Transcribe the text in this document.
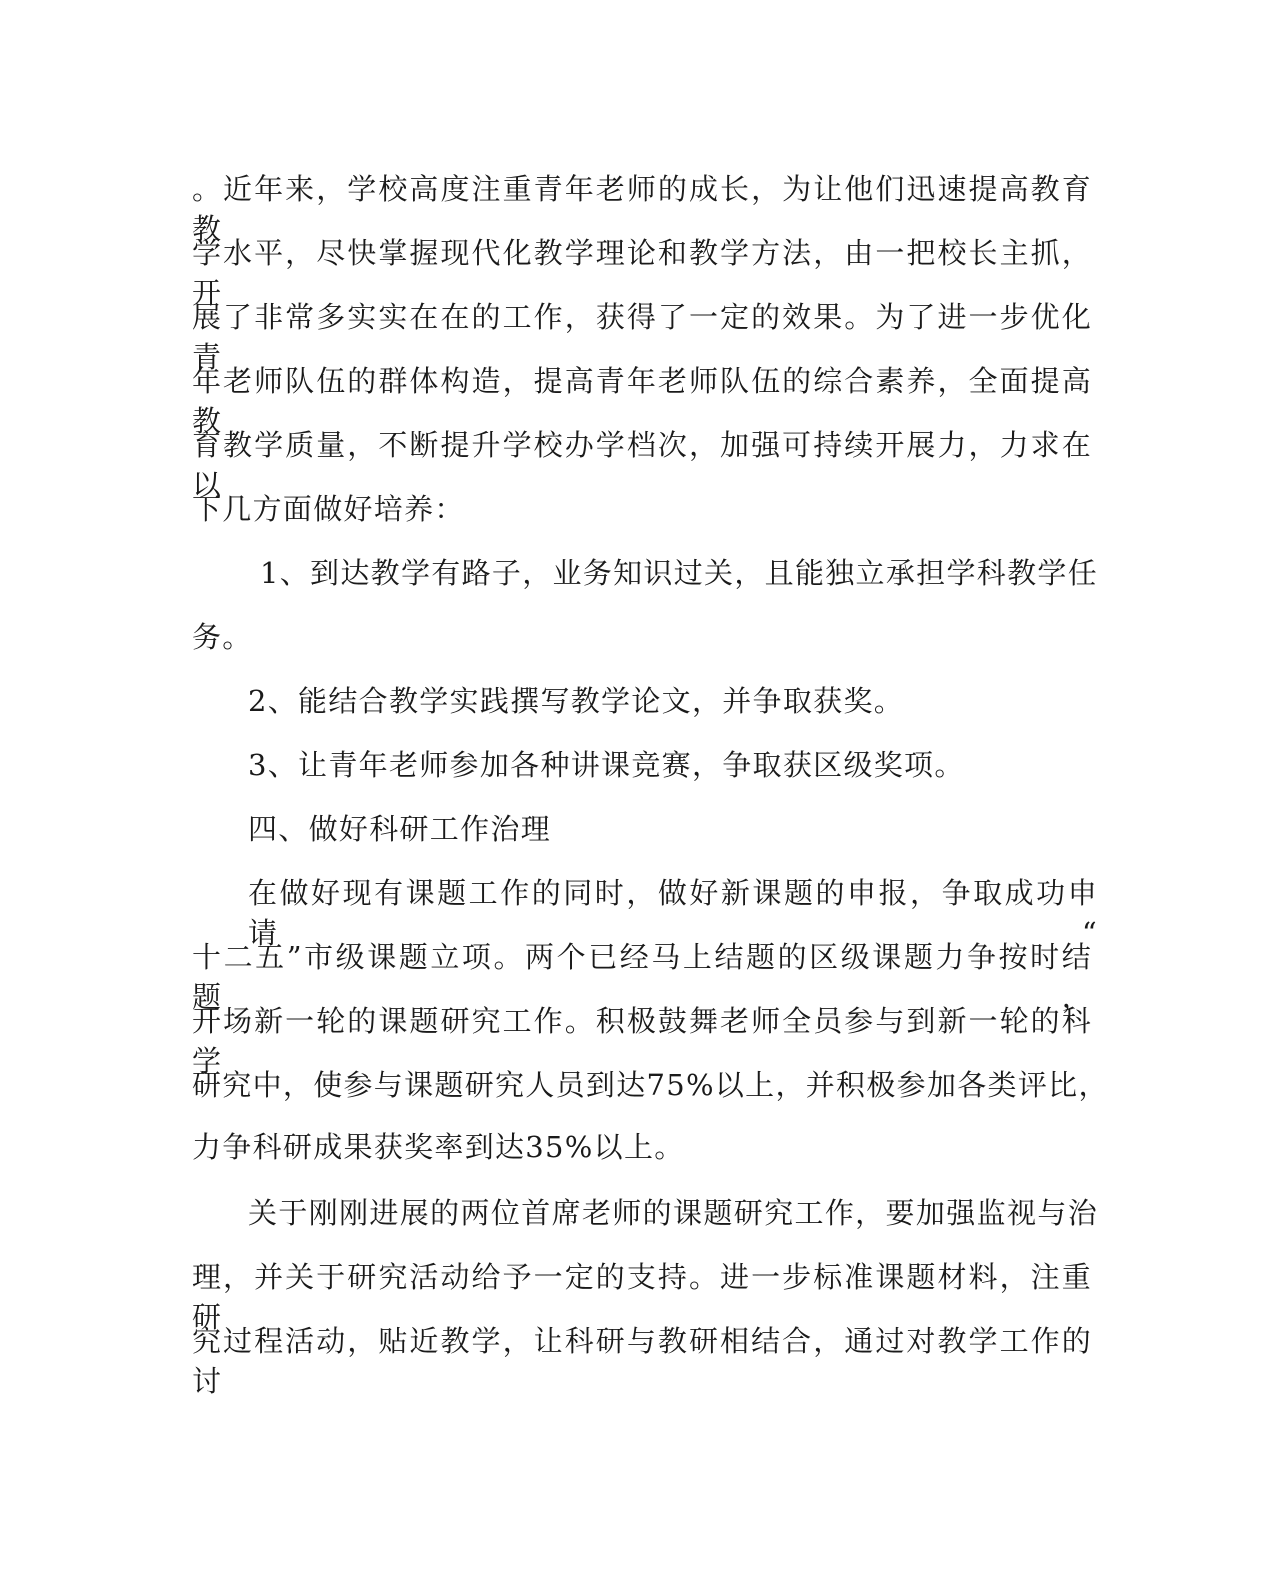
。近年来，学校高度注重青年老师的成长，为让他们迅速提高教育教

学水平，尽快掌握现代化教学理论和教学方法，由一把校长主抓，开

展了非常多实实在在的工作，获得了一定的效果。为了进一步优化青

年老师队伍的群体构造，提高青年老师队伍的综合素养，全面提高教

育教学质量，不断提升学校办学档次，加强可持续开展力，力求在以

下几方面做好培养：

1、到达教学有路子，业务知识过关，且能独立承担学科教学任

务。

2、能结合教学实践撰写教学论文，并争取获奖。

3、让青年老师参加各种讲课竞赛，争取获区级奖项。

四、做好科研工作治理

在做好现有课题工作的同时，做好新课题的申报，争取成功申请“

十二五”市级课题立项。两个已经马上结题的区级课题力争按时结题，

开场新一轮的课题研究工作。积极鼓舞老师全员参与到新一轮的科学

研究中，使参与课题研究人员到达75%以上，并积极参加各类评比，

力争科研成果获奖率到达35%以上。

关于刚刚进展的两位首席老师的课题研究工作，要加强监视与治

理，并关于研究活动给予一定的支持。进一步标准课题材料，注重研

究过程活动，贴近教学，让科研与教研相结合，通过对教学工作的讨
